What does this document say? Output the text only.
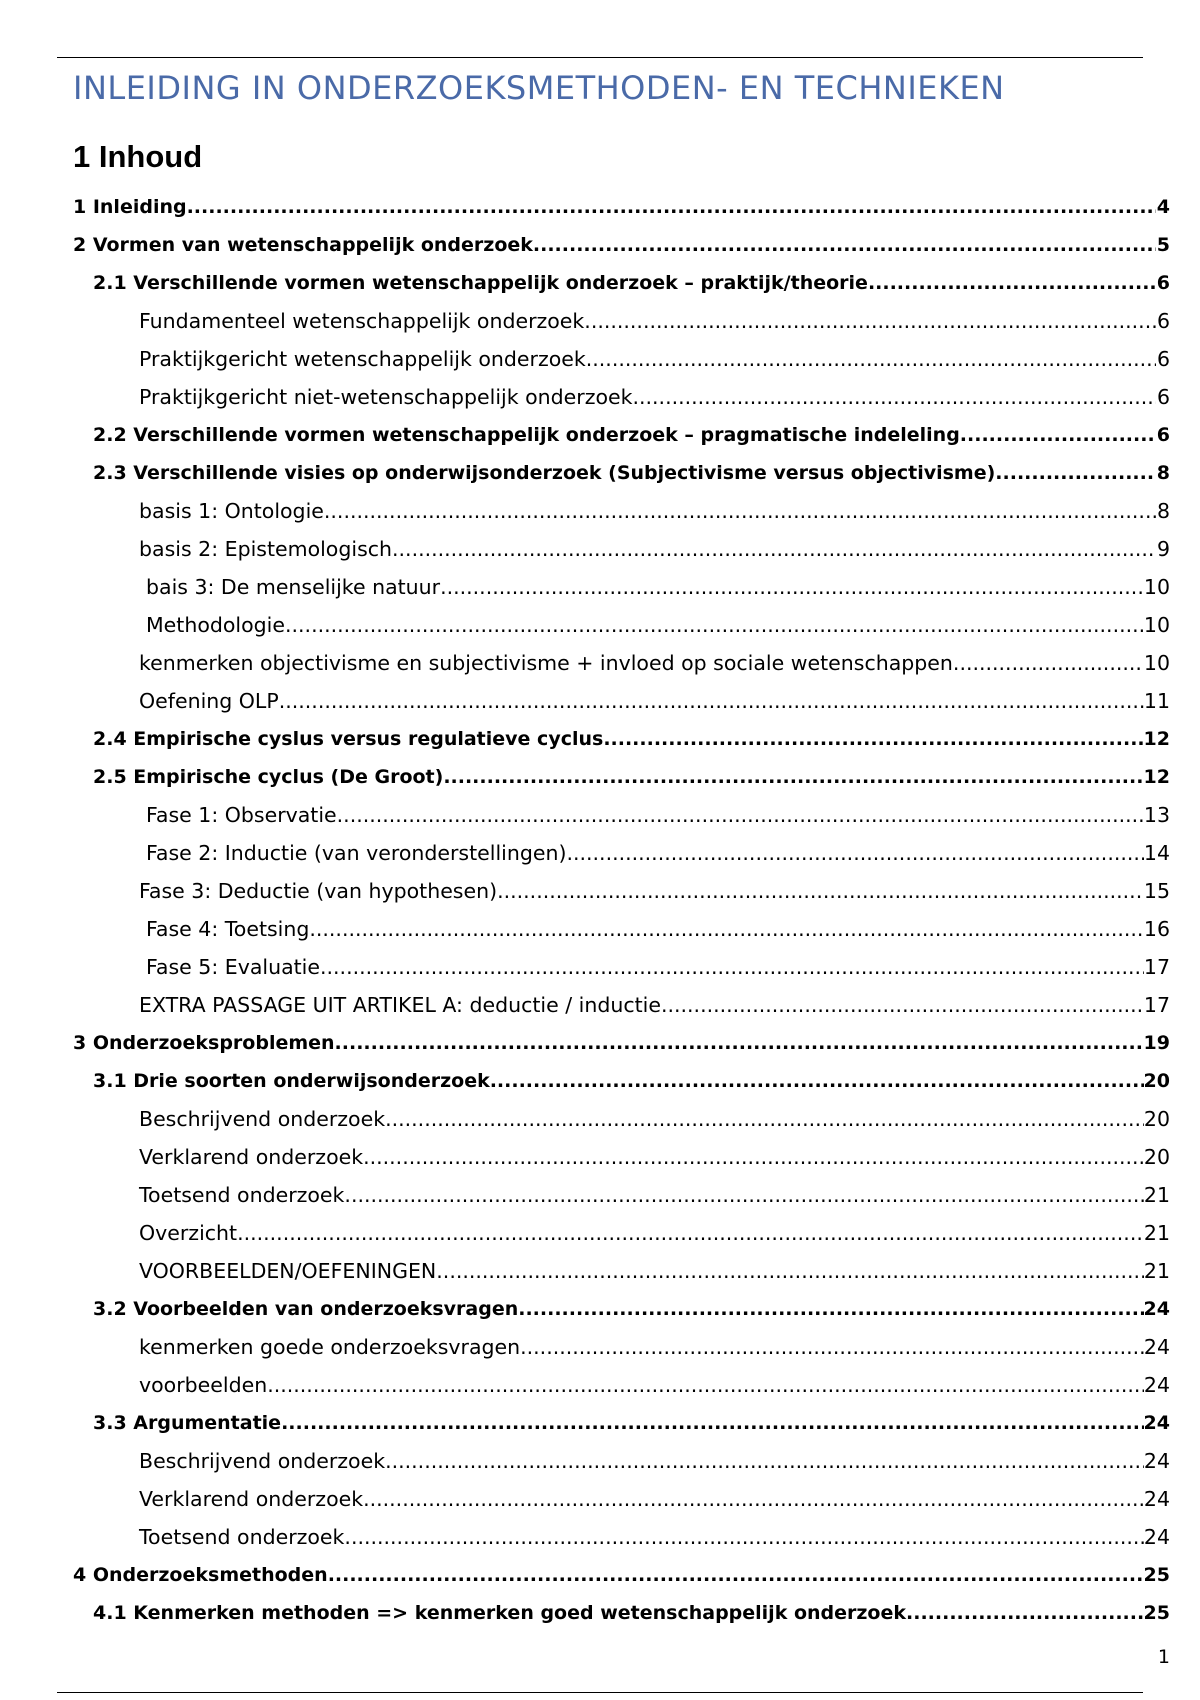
INLEIDING IN ONDERZOEKSMETHODEN- EN TECHNIEKEN
1 Inhoud
1 Inleiding .....	4
2 Vormen van wetenschappelijk onderzoek .....	5
2.1 Verschillende vormen wetenschappelijk onderzoek – praktijk/theorie .....	6
Fundamenteel wetenschappelijk onderzoek .....	6
Praktijkgericht wetenschappelijk onderzoek .....	6
Praktijkgericht niet-wetenschappelijk onderzoek .....	6
2.2 Verschillende vormen wetenschappelijk onderzoek – pragmatische indeleling .....	6
2.3 Verschillende visies op onderwijsonderzoek (Subjectivisme versus objectivisme) .....	8
basis 1: Ontologie .....	8
basis 2: Epistemologisch .....	9
bais 3: De menselijke natuur .....	10
Methodologie .....	10
kenmerken objectivisme en subjectivisme + invloed op sociale wetenschappen .....	10
Oefening OLP .....	11
2.4 Empirische cyslus versus regulatieve cyclus .....	12
2.5 Empirische cyclus (De Groot) .....	12
Fase 1: Observatie .....	13
Fase 2: Inductie (van veronderstellingen) .....	14
Fase 3: Deductie (van hypothesen) .....	15
Fase 4: Toetsing .....	16
Fase 5: Evaluatie .....	17
EXTRA PASSAGE UIT ARTIKEL A: deductie / inductie .....	17
3 Onderzoeksproblemen .....	19
3.1 Drie soorten onderwijsonderzoek .....	20
Beschrijvend onderzoek .....	20
Verklarend onderzoek .....	20
Toetsend onderzoek .....	21
Overzicht .....	21
VOORBEELDEN/OEFENINGEN .....	21
3.2 Voorbeelden van onderzoeksvragen .....	24
kenmerken goede onderzoeksvragen .....	24
voorbeelden .....	24
3.3 Argumentatie .....	24
Beschrijvend onderzoek .....	24
Verklarend onderzoek .....	24
Toetsend onderzoek .....	24
4 Onderzoeksmethoden .....	25
4.1 Kenmerken methoden => kenmerken goed wetenschappelijk onderzoek .....	25
1
